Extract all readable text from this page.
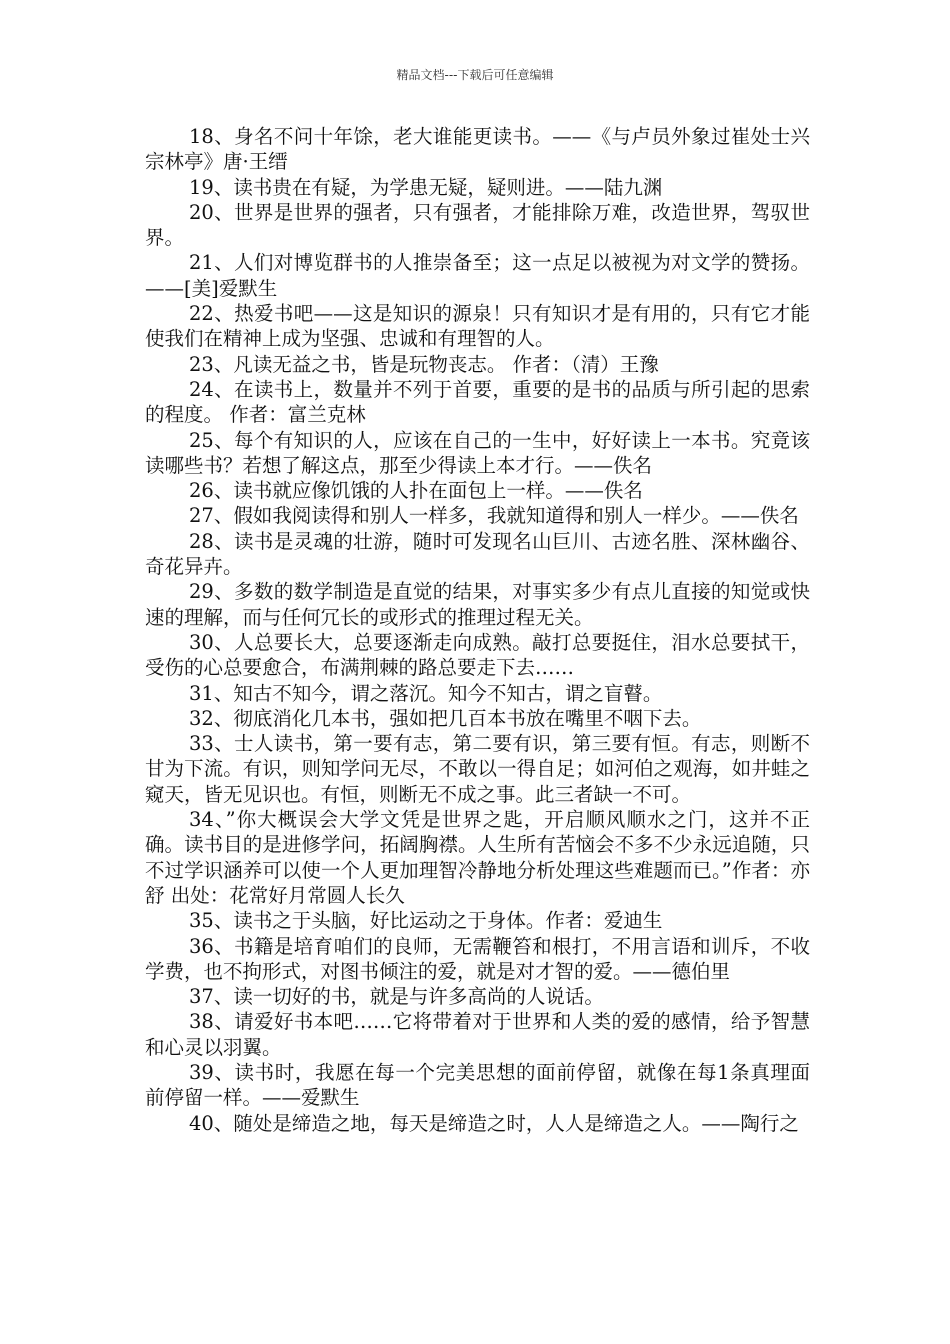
精品文档---下载后可任意编辑

18、身名不问十年馀，老大谁能更读书。——《与卢员外象过崔处士兴宗林亭》唐·王缙

19、读书贵在有疑，为学患无疑，疑则进。——陆九渊

20、世界是世界的强者，只有强者，才能排除万难，改造世界，驾驭世界。

21、人们对博览群书的人推崇备至；这一点足以被视为对文学的赞扬。 ——[美]爱默生

22、热爱书吧——这是知识的源泉！只有知识才是有用的，只有它才能使我们在精神上成为坚强、忠诚和有理智的人。

23、凡读无益之书，皆是玩物丧志。 作者：（清）王豫

24、在读书上，数量并不列于首要，重要的是书的品质与所引起的思索的程度。 作者：富兰克林

25、每个有知识的人，应该在自己的一生中，好好读上一本书。究竟该读哪些书？若想了解这点，那至少得读上本才行。——佚名

26、读书就应像饥饿的人扑在面包上一样。——佚名

27、假如我阅读得和别人一样多，我就知道得和别人一样少。——佚名

28、读书是灵魂的壮游，随时可发现名山巨川、古迹名胜、深林幽谷、奇花异卉。

29、多数的数学制造是直觉的结果，对事实多少有点儿直接的知觉或快速的理解，而与任何冗长的或形式的推理过程无关。

30、人总要长大，总要逐渐走向成熟。敲打总要挺住，泪水总要拭干，受伤的心总要愈合，布满荆棘的路总要走下去……

31、知古不知今，谓之落沉。知今不知古，谓之盲瞽。

32、彻底消化几本书，强如把几百本书放在嘴里不咽下去。

33、士人读书，第一要有志，第二要有识，第三要有恒。有志，则断不甘为下流。有识，则知学问无尽，不敢以一得自足；如河伯之观海，如井蛙之窥天，皆无见识也。有恒，则断无不成之事。此三者缺一不可。

34、”你大概误会大学文凭是世界之匙，开启顺风顺水之门，这并不正确。读书目的是进修学问，拓阔胸襟。人生所有苦恼会不多不少永远追随，只不过学识涵养可以使一个人更加理智冷静地分析处理这些难题而已。”作者：亦舒 出处：花常好月常圆人长久

35、读书之于头脑，好比运动之于身体。作者：爱迪生

36、书籍是培育咱们的良师，无需鞭笞和根打，不用言语和训斥，不收学费，也不拘形式，对图书倾注的爱，就是对才智的爱。——德伯里

37、读一切好的书，就是与许多高尚的人说话。

38、请爱好书本吧……它将带着对于世界和人类的爱的感情，给予智慧和心灵以羽翼。

39、读书时，我愿在每一个完美思想的面前停留，就像在每1条真理面前停留一样。——爱默生

40、随处是缔造之地，每天是缔造之时，人人是缔造之人。——陶行之
